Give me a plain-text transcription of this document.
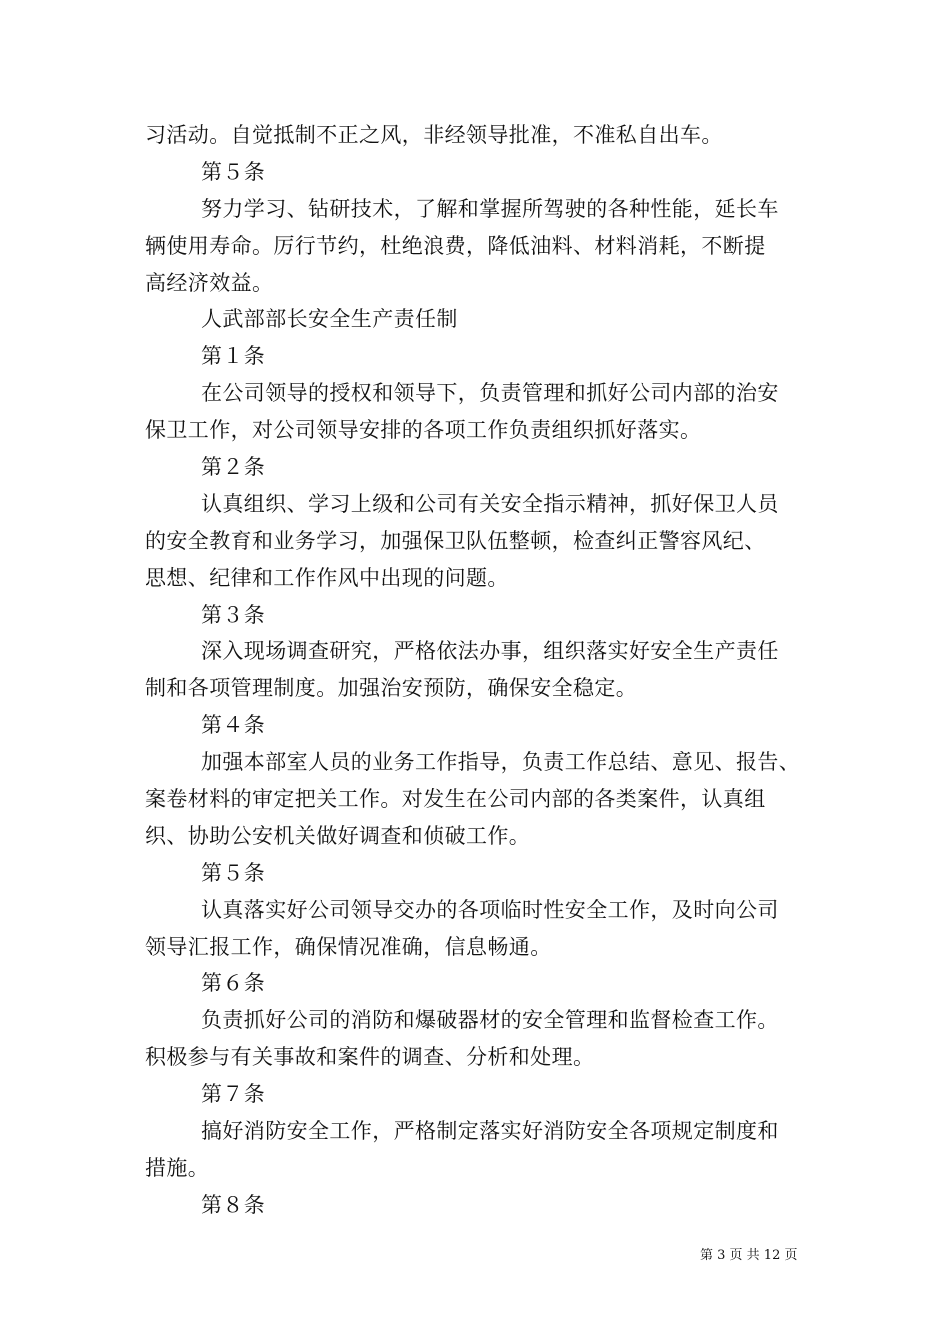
习活动。自觉抵制不正之风，非经领导批准，不准私自出车。
第５条
努力学习、钻研技术，了解和掌握所驾驶的各种性能，延长车
辆使用寿命。厉行节约，杜绝浪费，降低油料、材料消耗，不断提
高经济效益。
人武部部长安全生产责任制
第１条
在公司领导的授权和领导下，负责管理和抓好公司内部的治安
保卫工作，对公司领导安排的各项工作负责组织抓好落实。
第２条
认真组织、学习上级和公司有关安全指示精神，抓好保卫人员
的安全教育和业务学习，加强保卫队伍整顿，检查纠正警容风纪、
思想、纪律和工作作风中出现的问题。
第３条
深入现场调查研究，严格依法办事，组织落实好安全生产责任
制和各项管理制度。加强治安预防，确保安全稳定。
第４条
加强本部室人员的业务工作指导，负责工作总结、意见、报告、
案卷材料的审定把关工作。对发生在公司内部的各类案件，认真组
织、协助公安机关做好调查和侦破工作。
第５条
认真落实好公司领导交办的各项临时性安全工作，及时向公司
领导汇报工作，确保情况准确，信息畅通。
第６条
负责抓好公司的消防和爆破器材的安全管理和监督检查工作。
积极参与有关事故和案件的调查、分析和处理。
第７条
搞好消防安全工作，严格制定落实好消防安全各项规定制度和
措施。
第８条
第 3 页 共 12 页
